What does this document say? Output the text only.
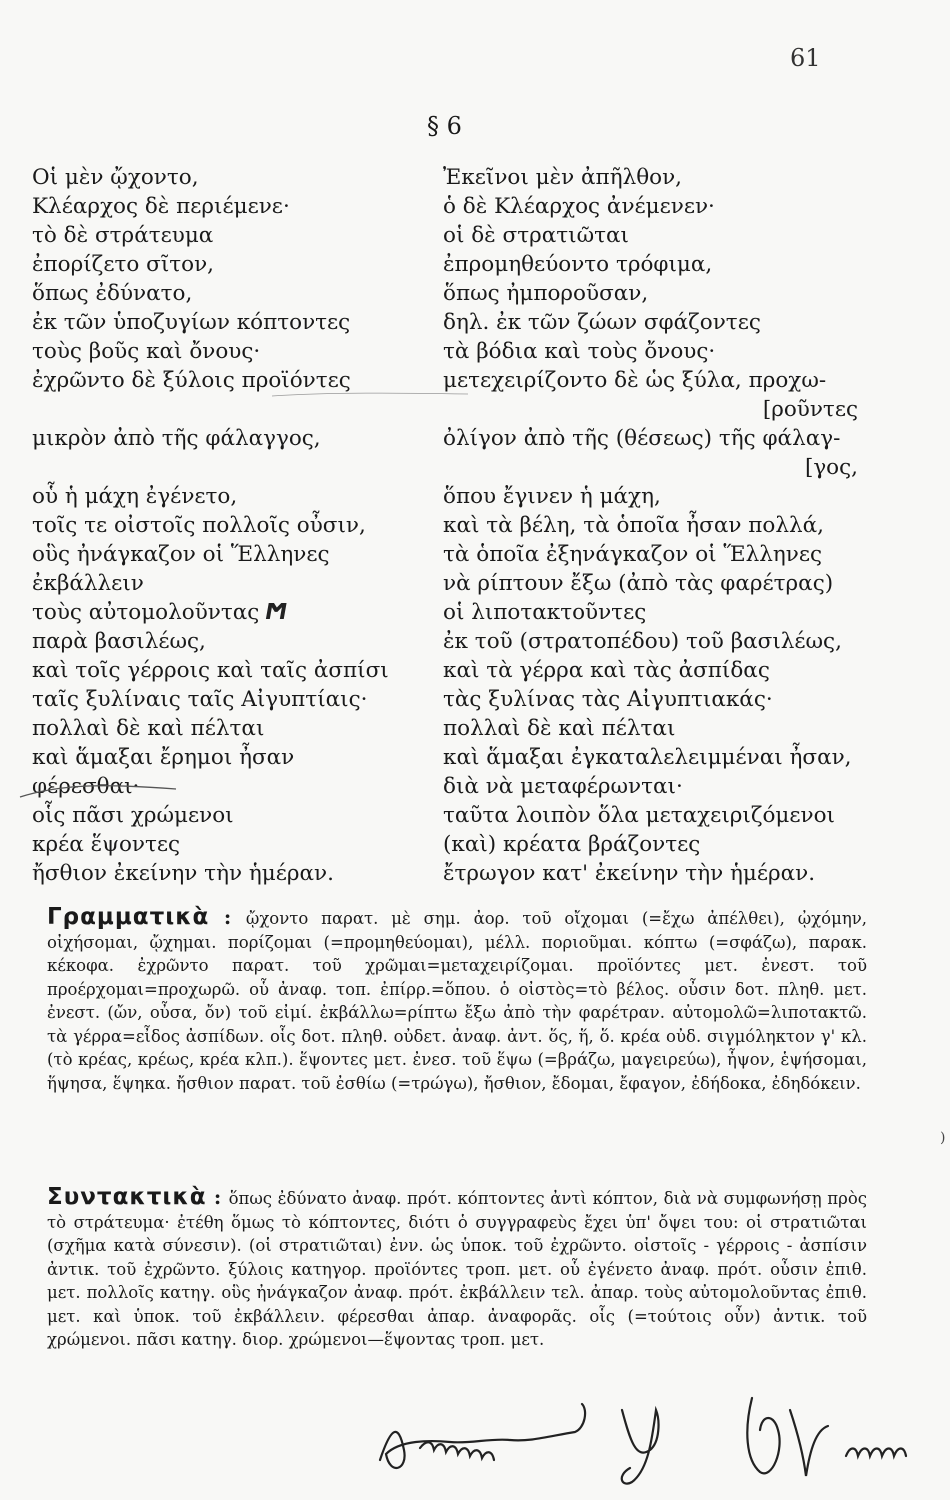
61
§ 6
Οἱ μὲν ᾤχοντο,
Κλέαρχος δὲ περιέμενε·
τὸ δὲ στράτευμα
ἐπορίζετο σῖτον,
ὅπως ἐδύνατο,
ἐκ τῶν ὑποζυγίων κόπτοντες
τοὺς βοῦς καὶ ὄνους·
ἐχρῶντο δὲ ξύλοις προϊόντες
μικρὸν ἀπὸ τῆς φάλαγγος,
οὗ ἡ μάχη ἐγένετο,
τοῖς τε οἰστοῖς πολλοῖς οὖσιν,
οὓς ἠνάγκαζον οἱ Ἕλληνες
ἐκβάλλειν
τοὺς αὐτομολοῦντας Ϻ
παρὰ βασιλέως,
καὶ τοῖς γέρροις καὶ ταῖς ἀσπίσι
ταῖς ξυλίναις ταῖς Αἰγυπτίαις·
πολλαὶ δὲ καὶ πέλται
καὶ ἅμαξαι ἔρημοι ἦσαν
φέρεσθαι·
οἷς πᾶσι χρώμενοι
κρέα ἕψοντες
ἤσθιον ἐκείνην τὴν ἡμέραν.
Ἐκεῖνοι μὲν ἀπῆλθον,
ὁ δὲ Κλέαρχος ἀνέμενεν·
οἱ δὲ στρατιῶται
ἐπρομηθεύοντο τρόφιμα,
ὅπως ἠμποροῦσαν,
δηλ. ἐκ τῶν ζώων σφάζοντες
τὰ βόδια καὶ τοὺς ὄνους·
μετεχειρίζοντο δὲ ὡς ξύλα, προχω-
[ροῦντες
ὀλίγον ἀπὸ τῆς (θέσεως) τῆς φάλαγ-
[γος,
ὅπου ἔγινεν ἡ μάχη,
καὶ τὰ βέλη, τὰ ὁποῖα ἦσαν πολλά,
τὰ ὁποῖα ἐξηνάγκαζον οἱ Ἕλληνες
νὰ ρίπτουν ἔξω (ἀπὸ τὰς φαρέτρας)
οἱ λιποτακτοῦντες
ἐκ τοῦ (στρατοπέδου) τοῦ βασιλέως,
καὶ τὰ γέρρα καὶ τὰς ἀσπίδας
τὰς ξυλίνας τὰς Αἰγυπτιακάς·
πολλαὶ δὲ καὶ πέλται
καὶ ἅμαξαι ἐγκαταλελειμμέναι ἦσαν,
διὰ νὰ μεταφέρωνται·
ταῦτα λοιπὸν ὅλα μεταχειριζόμενοι
(καὶ) κρέατα βράζοντες
ἔτρωγον κατ' ἐκείνην τὴν ἡμέραν.
Γραμματικὰ : ᾤχοντο παρατ. μὲ σημ. ἀορ. τοῦ οἴχομαι (=ἔχω ἀπέλθει), ᾠχόμην, οἰχήσομαι, ᾤχημαι. πορίζομαι (=προμηθεύομαι), μέλλ. ποριοῦμαι. κόπτω (=σφάζω), παρακ. κέκοφα. ἐχρῶντο παρατ. τοῦ χρῶμαι=μεταχειρίζομαι. προϊόντες μετ. ἐνεστ. τοῦ προέρχομαι=προχωρῶ. οὗ ἀναφ. τοπ. ἐπίρρ.=ὅπου. ὁ οἰστὸς=τὸ βέλος. οὖσιν δοτ. πληθ. μετ. ἐνεστ. (ὤν, οὖσα, ὄν) τοῦ εἰμί. ἐκβάλλω=ρίπτω ἔξω ἀπὸ τὴν φαρέτραν. αὐτομολῶ=λιποτακτῶ. τὰ γέρρα=εἶδος ἀσπίδων. οἷς δοτ. πληθ. οὐδετ. ἀναφ. ἀντ. ὅς, ἥ, ὅ. κρέα οὐδ. σιγμόληκτον γ' κλ. (τὸ κρέας, κρέως, κρέα κλπ.). ἕψοντες μετ. ἐνεσ. τοῦ ἕψω (=βράζω, μαγειρεύω), ἧψον, ἑψήσομαι, ἥψησα, ἕψηκα. ἤσθιον παρατ. τοῦ ἐσθίω (=τρώγω), ἤσθιον, ἔδομαι, ἔφαγον, ἐδήδοκα, ἐδηδόκειν.
Συντακτικὰ : ὅπως ἐδύνατο ἀναφ. πρότ. κόπτοντες ἀντὶ κόπτον, διὰ νὰ συμφωνήσῃ πρὸς τὸ στράτευμα· ἐτέθη ὅμως τὸ κόπτοντες, διότι ὁ συγγραφεὺς ἔχει ὑπ' ὄψει του: οἱ στρατιῶται (σχῆμα κατὰ σύνεσιν). (οἱ στρατιῶται) ἐνν. ὡς ὑποκ. τοῦ ἐχρῶντο. οἰστοῖς - γέρροις - ἀσπίσιν ἀντικ. τοῦ ἐχρῶντο. ξύλοις κατηγορ. προϊόντες τροπ. μετ. οὗ ἐγένετο ἀναφ. πρότ. οὖσιν ἐπιθ. μετ. πολλοῖς κατηγ. οὓς ἠνάγκαζον ἀναφ. πρότ. ἐκβάλλειν τελ. ἀπαρ. τοὺς αὐτομολοῦντας ἐπιθ. μετ. καὶ ὑποκ. τοῦ ἐκβάλλειν. φέρεσθαι ἀπαρ. ἀναφορᾶς. οἷς (=τούτοις οὖν) ἀντικ. τοῦ χρώμενοι. πᾶσι κατηγ. διορ. χρώμενοι—ἕψοντας τροπ. μετ.
)
